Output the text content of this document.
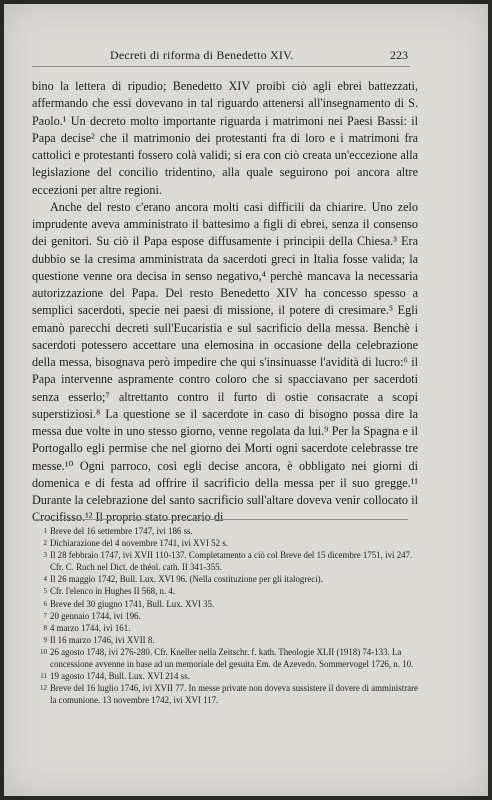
Decreti di riforma di Benedetto XIV.	223

bino la lettera di ripudio; Benedetto XIV proibì ciò agli ebrei battezzati, affermando che essi dovevano in tal riguardo attenersi all'insegnamento di S. Paolo.¹ Un decreto molto importante riguarda i matrimoni nei Paesi Bassi: il Papa decise² che il matrimonio dei protestanti fra di loro e i matrimoni fra cattolici e protestanti fossero colà validi; si era con ciò creata un'eccezione alla legislazione del concilio tridentino, alla quale seguirono poi ancora altre eccezioni per altre regioni.

Anche del resto c'erano ancora molti casi difficili da chiarire. Uno zelo imprudente aveva amministrato il battesimo a figli di ebrei, senza il consenso dei genitori. Su ciò il Papa espose diffusamente i principii della Chiesa.³ Era dubbio se la cresima amministrata da sacerdoti greci in Italia fosse valida; la questione venne ora decisa in senso negativo,⁴ perchè mancava la necessaria autorizzazione del Papa. Del resto Benedetto XIV ha concesso spesso a semplici sacerdoti, specie nei paesi di missione, il potere di cresimare.⁵ Egli emanò parecchi decreti sull'Eucaristia e sul sacrificio della messa. Benchè i sacerdoti potessero accettare una elemosina in occasione della celebrazione della messa, bisognava però impedire che qui s'insinuasse l'avidità di lucro:⁶ il Papa intervenne aspramente contro coloro che si spacciavano per sacerdoti senza esserlo;⁷ altrettanto contro il furto di ostie consacrate a scopi superstiziosi.⁸ La questione se il sacerdote in caso di bisogno possa dire la messa due volte in uno stesso giorno, venne regolata da lui.⁹ Per la Spagna e il Portogallo egli permise che nel giorno dei Morti ogni sacerdote celebrasse tre messe.¹⁰ Ogni parroco, così egli decise ancora, è obbligato nei giorni di domenica e di festa ad offrire il sacrificio della messa per il suo gregge.¹¹ Durante la celebrazione del santo sacrificio sull'altare doveva venir collocato il Crocifisso.¹² Il proprio stato precario di

1 Breve del 16 settembre 1747, ivi 186 ss.
2 Dichiarazione del 4 novembre 1741, ivi XVI 52 s.
3 Il 28 febbraio 1747, ivi XVII 110-137. Completamento a ciò col Breve del 15 dicembre 1751, ivi 247. Cfr. C. Ruch nel Dict. de théol. cath. II 341-355.
4 Il 26 maggio 1742, Bull. Lux. XVI 96. (Nella costituzione per gli italogreci).
5 Cfr. l'elenco in Hughes II 568, n. 4.
6 Breve del 30 giugno 1741, Bull. Lux. XVI 35.
7 20 gennaio 1744, ivi 196.
8 4 marzo 1744, ivi 161.
9 Il 16 marzo 1746, ivi XVII 8.
10 26 agosto 1748, ivi 276-280. Cfr. Kneller nella Zeitschr. f. kath. Theologie XLII (1918) 74-133. La concessione avvenne in base ad un memoriale del gesuita Em. de Azevedo. Sommervogel 1726, n. 10.
11 19 agosto 1744, Bull. Lux. XVI 214 ss.
12 Breve del 16 luglio 1746, ivi XVII 77. In messe private non doveva sussistere il dovere di amministrare la comunione. 13 novembre 1742, ivi XVI 117.
